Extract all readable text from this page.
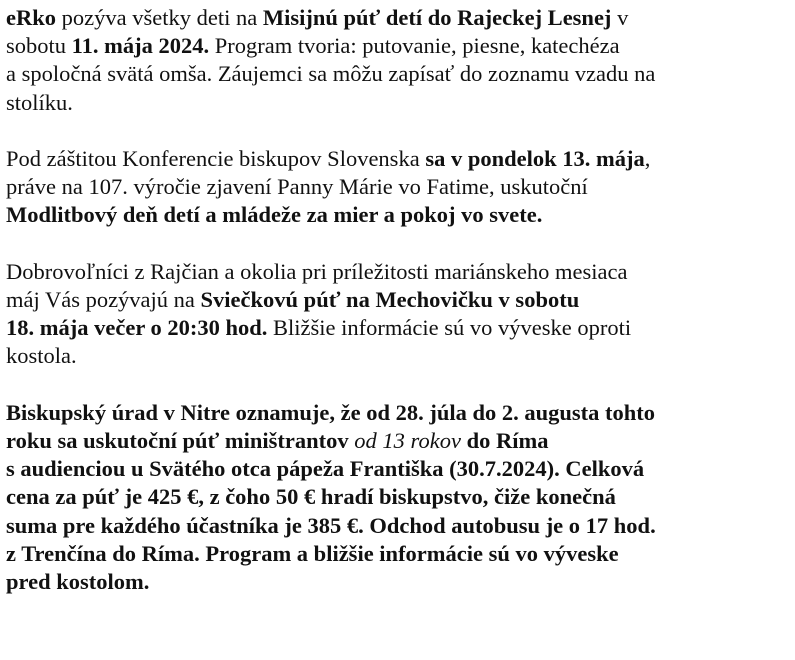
eRko pozýva všetky deti na Misijnú púť detí do Rajeckej Lesnej v
sobotu 11. mája 2024. Program tvoria: putovanie, piesne, katechéza
a spoločná svätá omša. Záujemci sa môžu zapísať do zoznamu vzadu na
stolíku.
Pod záštitou Konferencie biskupov Slovenska sa v pondelok 13. mája,
práve na 107. výročie zjavení Panny Márie vo Fatime, uskutoční
Modlitbový deň detí a mládeže za mier a pokoj vo svete.
Dobrovoľníci z Rajčian a okolia pri príležitosti mariánskeho mesiaca
máj Vás pozývajú na Sviečkovú púť na Mechovičku v sobotu
18. mája večer o 20:30 hod. Bližšie informácie sú vo výveske oproti
kostola.
Biskupský úrad v Nitre oznamuje, že od 28. júla do 2. augusta tohto
roku sa uskutoční púť miništrantov od 13 rokov do Ríma
s audienciou u Svätého otca pápeža Františka (30.7.2024). Celková
cena za púť je 425 €, z čoho 50 € hradí biskupstvo, čiže konečná
suma pre každého účastníka je 385 €. Odchod autobusu je o 17 hod.
z Trenčína do Ríma. Program a bližšie informácie sú vo výveske
pred kostolom.
